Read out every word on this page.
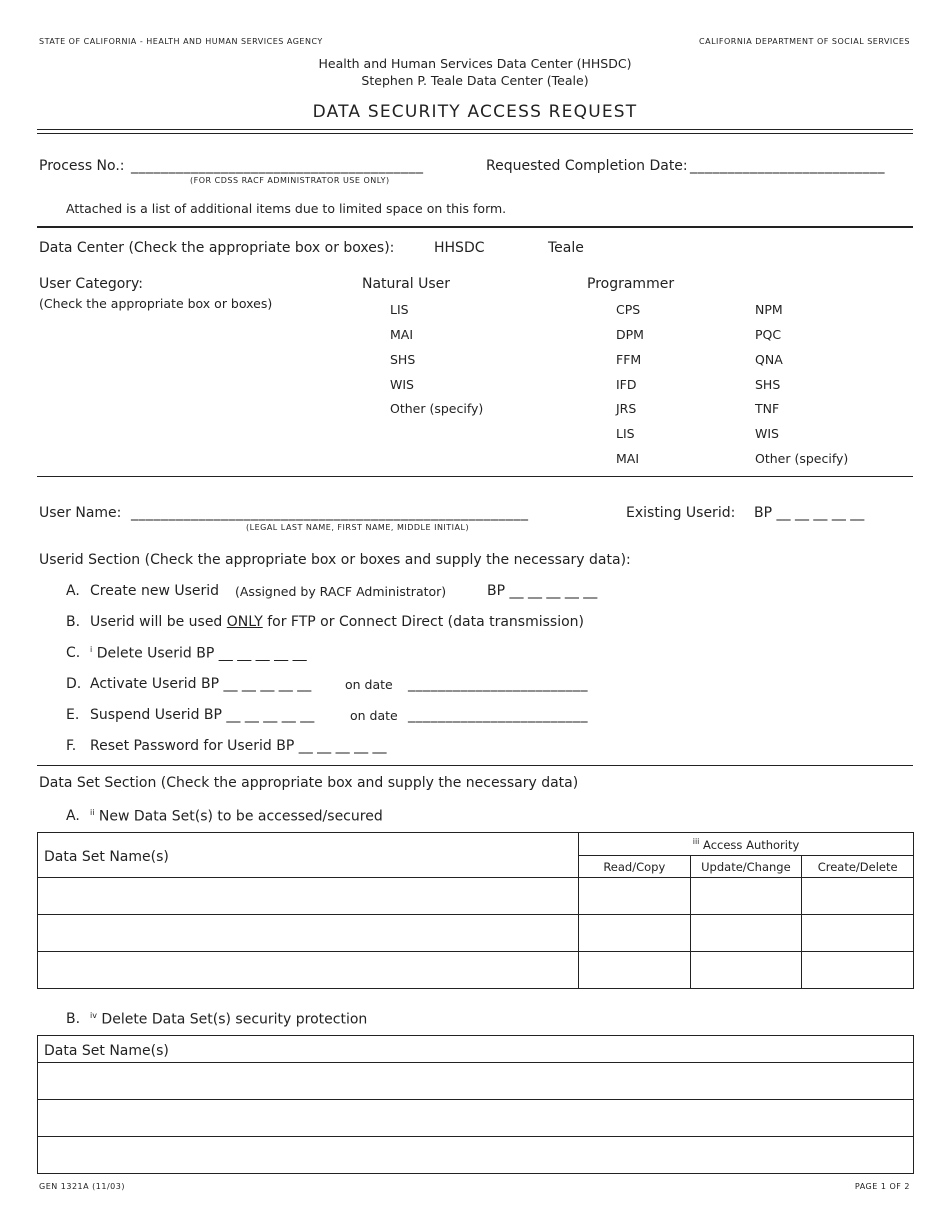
STATE OF CALIFORNIA - HEALTH AND HUMAN SERVICES AGENCY	CALIFORNIA DEPARTMENT OF SOCIAL SERVICES
Health and Human Services Data Center (HHSDC)
Stephen P. Teale Data Center (Teale)
DATA SECURITY ACCESS REQUEST
Process No.: _______________________________________
(FOR CDSS RACF ADMINISTRATOR USE ONLY)
Requested Completion Date: __________________________
Attached is a list of additional items due to limited space on this form.
Data Center (Check the appropriate box or boxes):	HHSDC	Teale
User Category:
(Check the appropriate box or boxes)
Natural User
LIS
MAI
SHS
WIS
Other (specify)
Programmer
CPS
DPM
FFM
IFD
JRS
LIS
MAI
NPM
PQC
QNA
SHS
TNF
WIS
Other (specify)
User Name: _____________________________________________________
(LEGAL LAST NAME, FIRST NAME, MIDDLE INITIAL)
Existing Userid: BP __ __ __ __ __
Userid Section (Check the appropriate box or boxes and supply the necessary data):
A. Create new Userid (Assigned by RACF Administrator)	BP __ __ __ __ __
B. Userid will be used ONLY for FTP or Connect Direct (data transmission)
C. $^i$ Delete Userid BP __ __ __ __ __
D. Activate Userid BP __ __ __ __ __	on date ________________________
E. Suspend Userid BP __ __ __ __ __	on date ________________________
F. Reset Password for Userid BP __ __ __ __ __
Data Set Section (Check the appropriate box and supply the necessary data)
A. $^{ii}$ New Data Set(s) to be accessed/secured
Data Set Name(s)	$^{iii}$ Access Authority		
	Read/Copy	Update/Change	Create/Delete

B. $^{iv}$ Delete Data Set(s) security protection
Data Set Name(s)

GEN 1321A (11/03)	PAGE 1 OF 2
